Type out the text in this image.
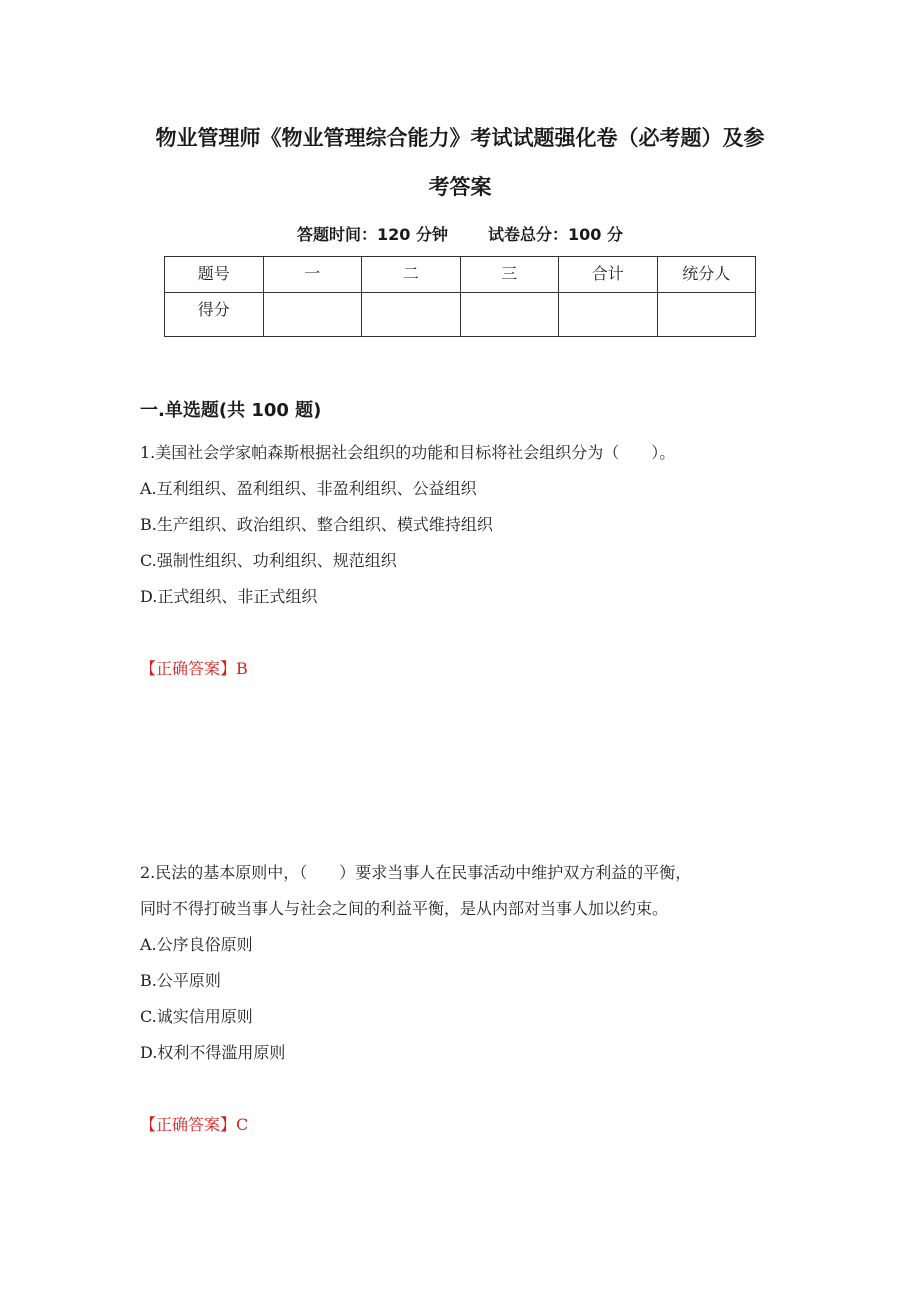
物业管理师《物业管理综合能力》考试试题强化卷（必考题）及参
考答案
答题时间：120 分钟	试卷总分：100 分
题号	一	二	三	合计	统分人
得分					
一.单选题(共 100 题)

1.美国社会学家帕森斯根据社会组织的功能和目标将社会组织分为（　　）。

A.互利组织、盈利组织、非盈利组织、公益组织

B.生产组织、政治组织、整合组织、模式维持组织

C.强制性组织、功利组织、规范组织

D.正式组织、非正式组织

【正确答案】B

2.民法的基本原则中，（　　）要求当事人在民事活动中维护双方利益的平衡，

同时不得打破当事人与社会之间的利益平衡，是从内部对当事人加以约束。

A.公序良俗原则

B.公平原则

C.诚实信用原则

D.权利不得滥用原则

【正确答案】C
